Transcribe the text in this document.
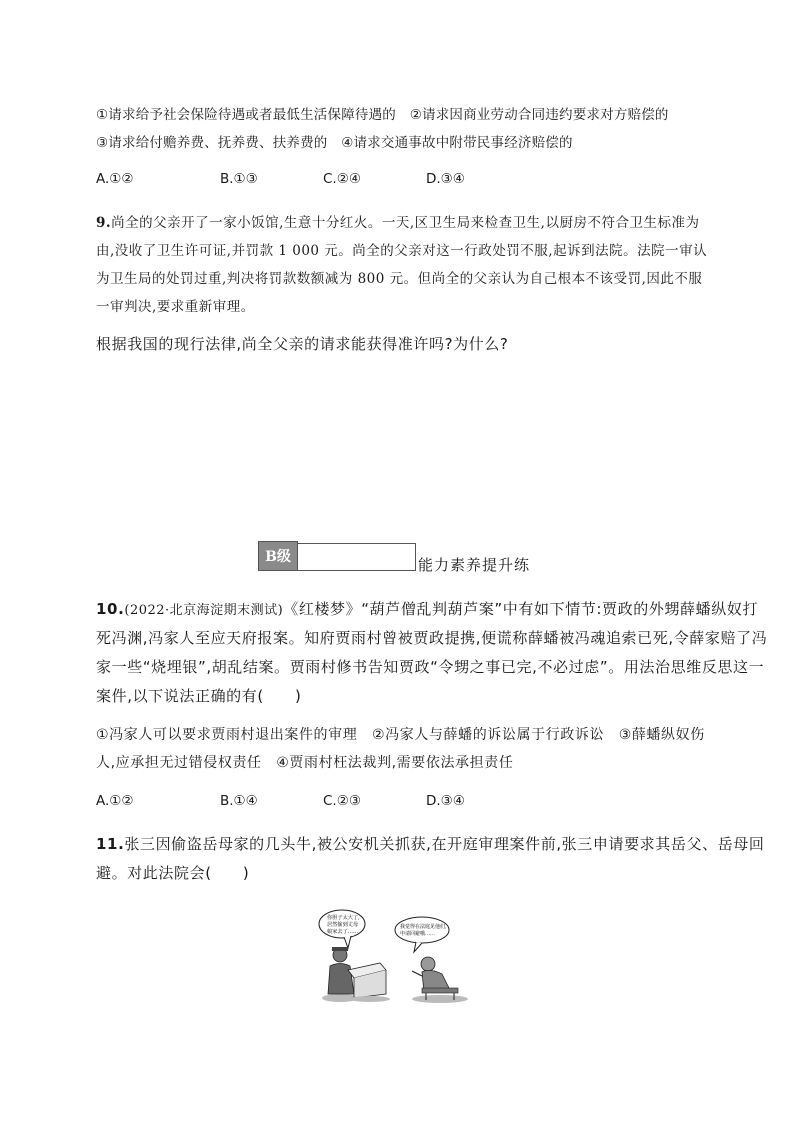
①请求给予社会保险待遇或者最低生活保障待遇的　②请求因商业劳动合同违约要求对方赔偿的
③请求给付赡养费、抚养费、扶养费的　④请求交通事故中附带民事经济赔偿的
A.①②	B.①③	C.②④	D.③④
9.尚全的父亲开了一家小饭馆,生意十分红火。一天,区卫生局来检查卫生,以厨房不符合卫生标准为
由,没收了卫生许可证,并罚款 1 000 元。尚全的父亲对这一行政处罚不服,起诉到法院。法院一审认
为卫生局的处罚过重,判决将罚款数额减为 800 元。但尚全的父亲认为自己根本不该受罚,因此不服
一审判决,要求重新审理。
根据我国的现行法律,尚全父亲的请求能获得准许吗?为什么?
B级	能力素养提升练
10.(2022·北京海淀期末测试)《红楼梦》“葫芦僧乱判葫芦案”中有如下情节:贾政的外甥薛蟠纵奴打
死冯渊,冯家人至应天府报案。知府贾雨村曾被贾政提携,便谎称薛蟠被冯魂追索已死,令薛家赔了冯
家一些“烧埋银”,胡乱结案。贾雨村修书告知贾政“令甥之事已完,不必过虑”。用法治思维反思这一
案件,以下说法正确的有(　　)
①冯家人可以要求贾雨村退出案件的审理　②冯家人与薛蟠的诉讼属于行政诉讼　③薛蟠纵奴伤
人,应承担无过错侵权责任　④贾雨村枉法裁判,需要依法承担责任
A.①②	B.①④	C.②③	D.③④
11.张三因偷盗岳母家的几头牛,被公安机关抓获,在开庭审理案件前,张三申请要求其岳父、岳母回
避。对此法院会(　　)
你胆子太大了,
居然偷到丈母
娘家去了……
我觉得在法庭见他们,
申请回避哦……
